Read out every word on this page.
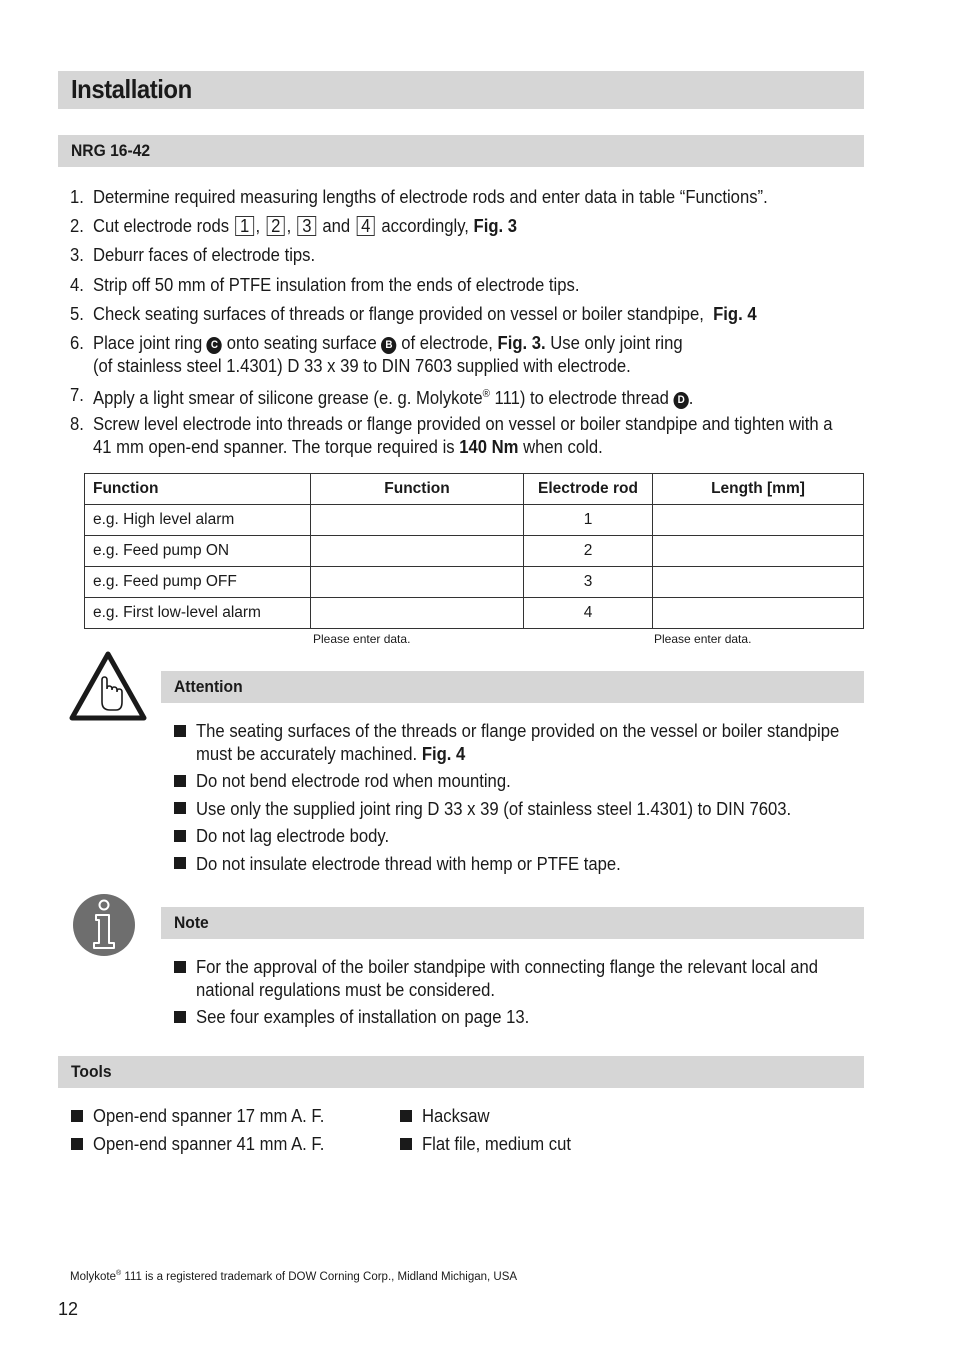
Installation
NRG 16-42
1. Determine required measuring lengths of electrode rods and enter data in table “Functions”.
2. Cut electrode rods 1 , 2 , 3 and 4 accordingly, Fig. 3
3. Deburr faces of electrode tips.
4. Strip off 50 mm of PTFE insulation from the ends of electrode tips.
5. Check seating surfaces of threads or flange provided on vessel or boiler standpipe, Fig. 4
6. Place joint ring C onto seating surface B of electrode, Fig. 3. Use only joint ring
(of stainless steel 1.4301) D 33 x 39 to DIN 7603 supplied with electrode.
7. Apply a light smear of silicone grease (e. g. Molykote® 111) to electrode thread D .
8. Screw level electrode into threads or flange provided on vessel or boiler standpipe and tighten with a
41 mm open-end spanner. The torque required is 140 Nm when cold.
Function	Function	Electrode rod	Length [mm]
e.g. High level alarm		1	
e.g. Feed pump ON		2	
e.g. Feed pump OFF		3	
e.g. First low-level alarm		4	
Please enter data.	Please enter data.
Attention
The seating surfaces of the threads or flange provided on the vessel or boiler standpipe
must be accurately machined. Fig. 4
Do not bend electrode rod when mounting.
Use only the supplied joint ring D 33 x 39 (of stainless steel 1.4301) to DIN 7603.
Do not lag electrode body.
Do not insulate electrode thread with hemp or PTFE tape.
Note
For the approval of the boiler standpipe with connecting flange the relevant local and
national regulations must be considered.
See four examples of installation on page 13.
Tools
Open-end spanner 17 mm A. F.
Open-end spanner 41 mm A. F.
Hacksaw
Flat file, medium cut
Molykote® 111 is a registered trademark of DOW Corning Corp., Midland Michigan, USA
12
